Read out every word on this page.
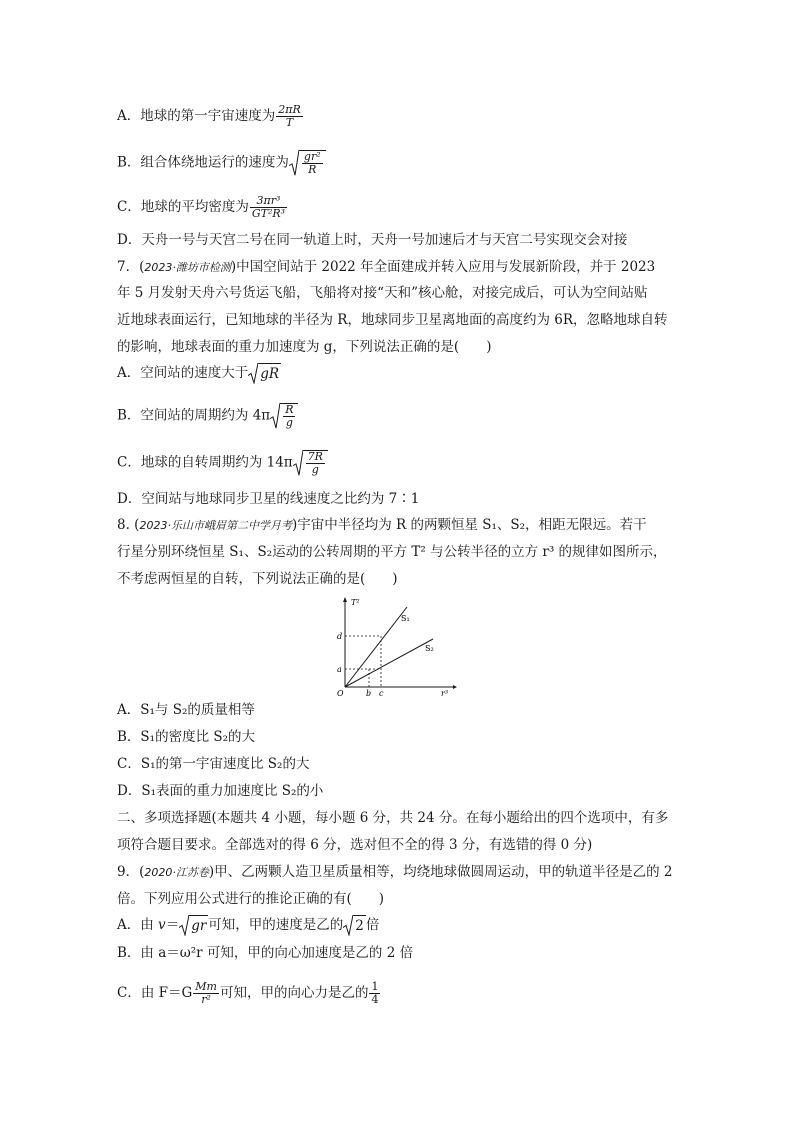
A．地球的第一宇宙速度为 $\frac{2\pi R}{T}$
B．组合体绕地运行的速度为 $\frac{\text{gr²}}{R}$
C．地球的平均密度为 $\frac{\text{3πr³}}{\text{GT²R³}}$
D．天舟一号与天宫二号在同一轨道上时，天舟一号加速后才与天宫二号实现交会对接
7．(2023·潍坊市检测)中国空间站于 2022 年全面建成并转入应用与发展新阶段，并于 2023
年 5 月发射天舟六号货运飞船，飞船将对接“天和”核心舱，对接完成后，可认为空间站贴
近地球表面运行，已知地球的半径为 R，地球同步卫星离地面的高度约为 6R，忽略地球自转
的影响，地球表面的重力加速度为 g，下列说法正确的是(　　)
A．空间站的速度大于 gR
B．空间站的周期约为 $4\pi \frac{R}{g}$
C．地球的自转周期约为 $14\pi \frac{7R}{g}$
D．空间站与地球同步卫星的线速度之比约为 7∶1
8. (2023·乐山市峨眉第二中学月考)宇宙中半径均为 R 的两颗恒星 S₁、S₂，相距无限远。若干
行星分别环绕恒星 S₁、S₂运动的公转周期的平方 T² 与公转半径的立方 r³ 的规律如图所示，
不考虑两恒星的自转，下列说法正确的是(　　)
T²
r³
O
S₁
S₂
d
a
b c
A．S₁与 S₂的质量相等
B．S₁的密度比 S₂的大
C．S₁的第一宇宙速度比 S₂的大
D．S₁表面的重力加速度比 S₂的小
二、多项选择题(本题共 4 小题，每小题 6 分，共 24 分。在每小题给出的四个选项中，有多
项符合题目要求。全部选对的得 6 分，选对但不全的得 3 分，有选错的得 0 分)
9．(2020·江苏卷)甲、乙两颗人造卫星质量相等，均绕地球做圆周运动，甲的轨道半径是乙的 2
倍。下列应用公式进行的推论正确的有(　　)
A．由 v＝ gr 可知，甲的速度是乙的 2 倍
B．由 a＝ω²r 可知，甲的向心加速度是乙的 2 倍
C．由 $F=G \frac{Mm}{\text{r²}}$ 可知，甲的向心力是乙的 $\frac{1}{4}$
